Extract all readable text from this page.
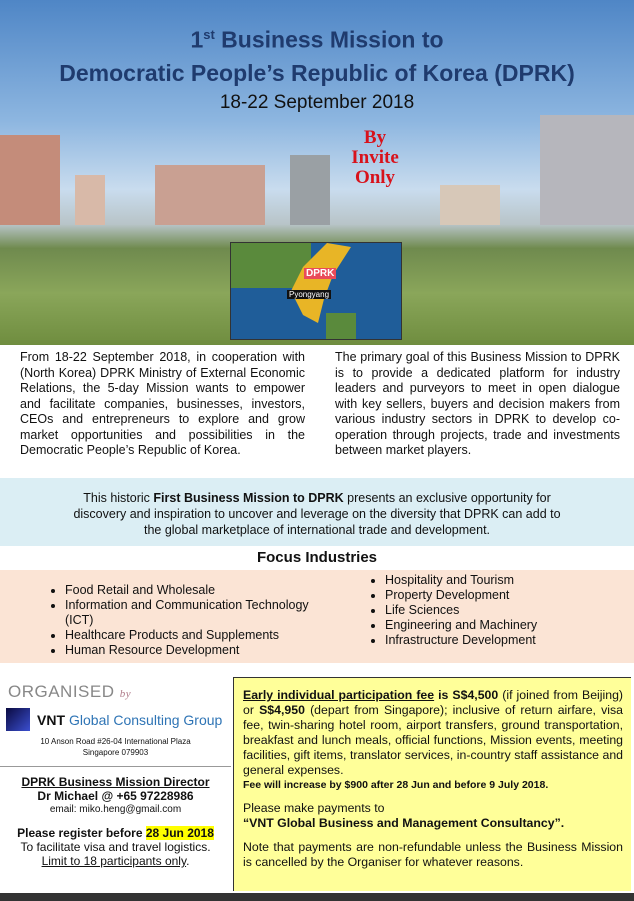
1st Business Mission to
Democratic People’s Republic of Korea (DPRK)
18-22 September 2018
By
Invite
Only
DPRK
Pyongyang

From 18-22 September 2018, in cooperation with (North Korea) DPRK Ministry of External Economic Relations, the 5-day Mission wants to empower and facilitate companies, businesses, investors, CEOs and entrepreneurs to explore and grow market opportunities and possibilities in the Democratic People’s Republic of Korea.

The primary goal of this Business Mission to DPRK is to provide a dedicated platform for industry leaders and purveyors to meet in open dialogue with key sellers, buyers and decision makers from various industry sectors in DPRK to develop co-operation through projects, trade and investments between market players.

This historic First Business Mission to DPRK presents an exclusive opportunity for discovery and inspiration to uncover and leverage on the diversity that DPRK can add to the global marketplace of international trade and development.
Focus Industries
• Food Retail and Wholesale
• Information and Communication Technology (ICT)
• Healthcare Products and Supplements
• Human Resource Development
• Hospitality and Tourism
• Property Development
• Life Sciences
• Engineering and Machinery
• Infrastructure Development
ORGANISED by
VNT Global Consulting Group
10 Anson Road #26-04 International Plaza
Singapore 079903
DPRK Business Mission Director
Dr Michael @ +65 97228986
email: miko.heng@gmail.com
Please register before 28 Jun 2018
To facilitate visa and travel logistics.
Limit to 18 participants only.

Early individual participation fee is S$4,500 (if joined from Beijing) or S$4,950 (depart from Singapore); inclusive of return airfare, visa fee, twin-sharing hotel room, airport transfers, ground transportation, breakfast and lunch meals, official functions, Mission events, meeting facilities, gift items, translator services, in-country staff assistance and general expenses.

Fee will increase by $900 after 28 Jun and before 9 July 2018.

Please make payments to

“VNT Global Business and Management Consultancy”.

Note that payments are non-refundable unless the Business Mission is cancelled by the Organiser for whatever reasons.
